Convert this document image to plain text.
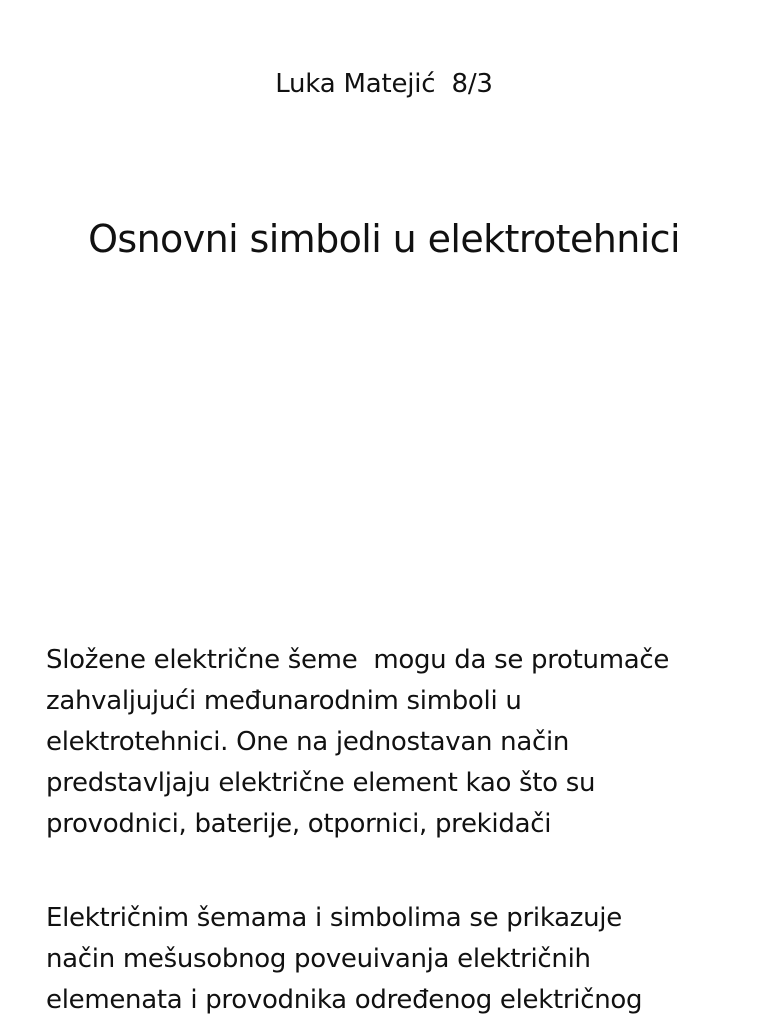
Luka Matejić  8/3
Osnovni simboli u elektrotehnici
Složene električne šeme  mogu da se protumače
zahvaljujući međunarodnim simboli u
elektrotehnici. One na jednostavan način
predstavljaju električne element kao što su
provodnici, baterije, otpornici, prekidači
Električnim šemama i simbolima se prikazuje
način mešusobnog poveuivanja električnih
elemenata i provodnika određenog električnog
